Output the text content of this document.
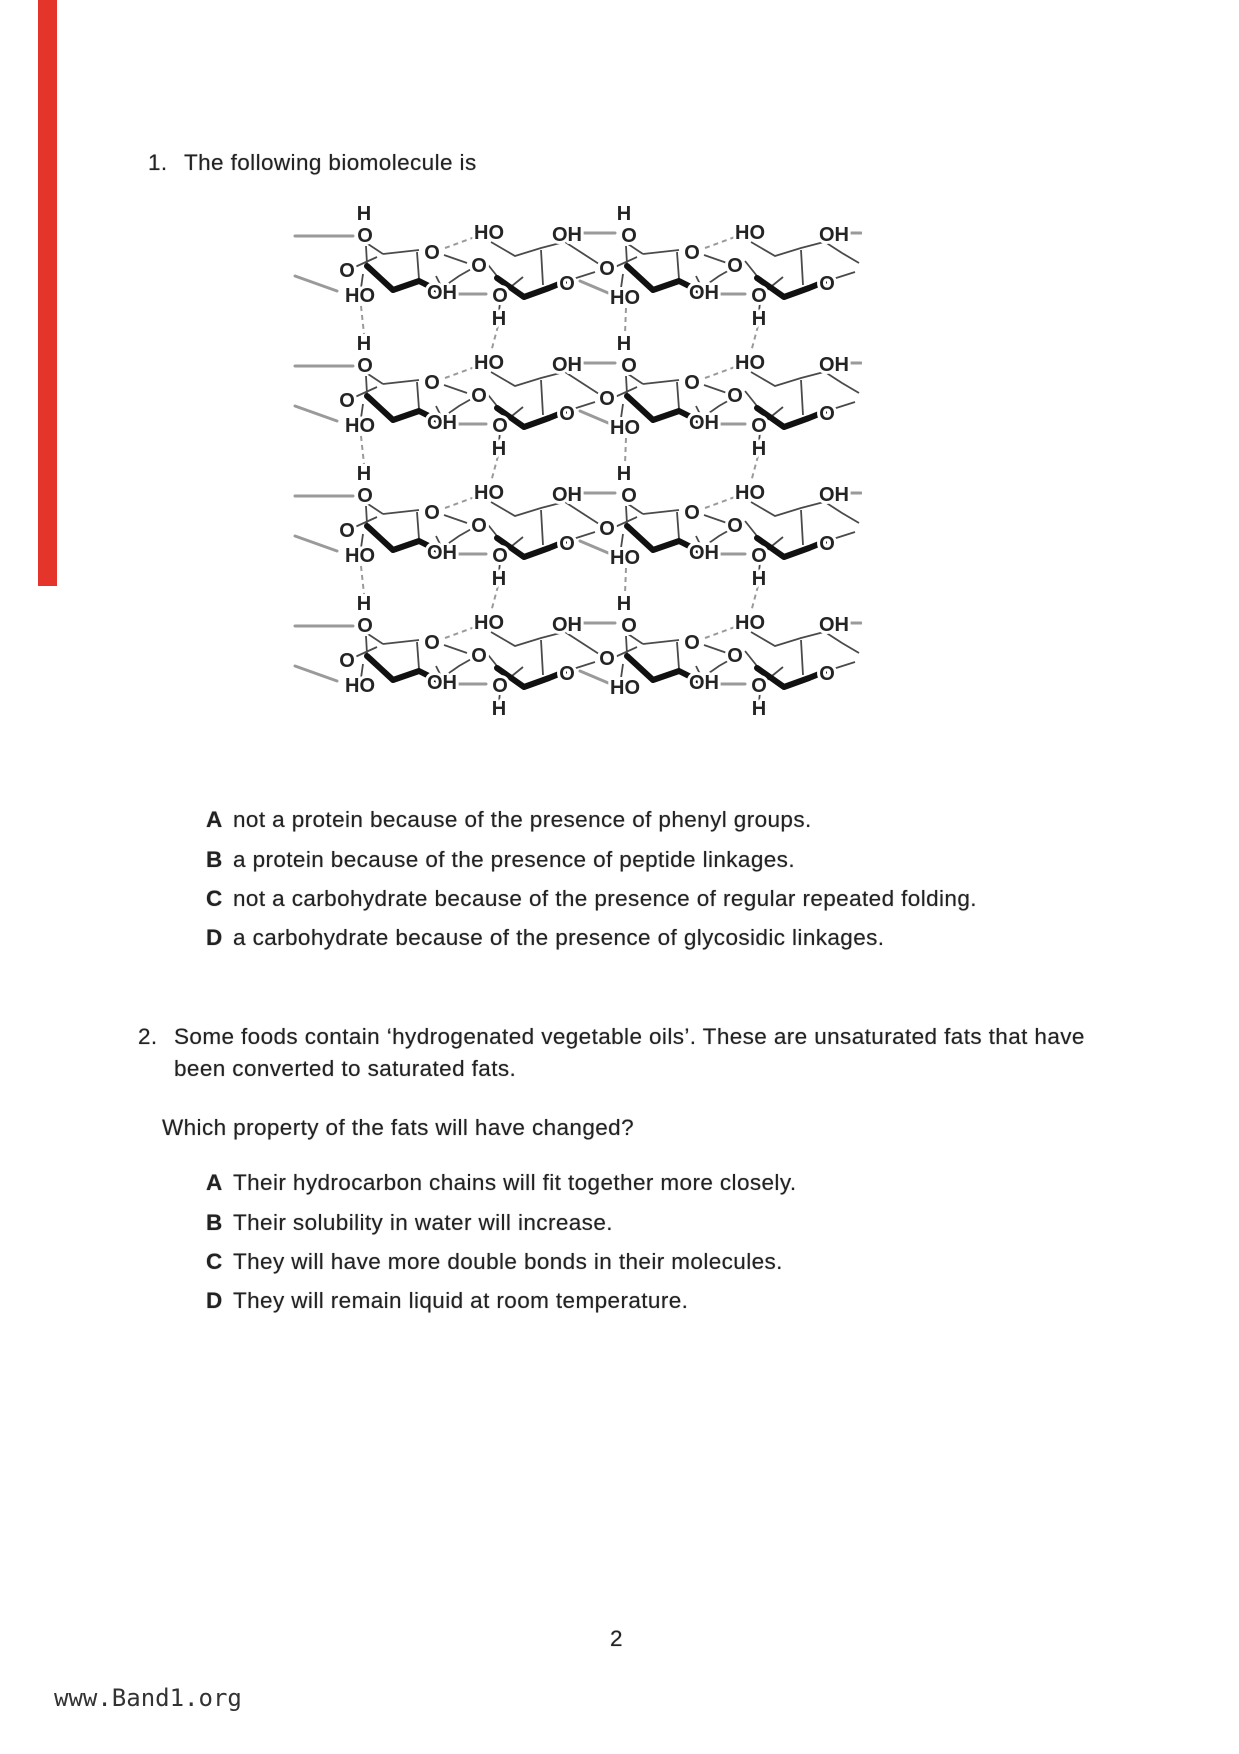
1. The following biomolecule is
H
O	HO OH
H
O	HO	OH
O
O
O
O
O
O
O
O
HO	OH O
H
HO OH O
H
H
O	HO OH
H
O	HO	OH
O
O
O
O
O
O
O
O
HO	OH O
H
HO OH O
H
H
O	HO OH
H
O	HO	OH
O
O
O
O
O
O
O
O
HO	OH O
H
HO OH O
H
H
O	HO OH
H
O	HO	OH
O
O
O
O
O
O
O
O
HO	OH O
H
HO OH O
H
A not a protein because of the presence of phenyl groups.
B a protein because of the presence of peptide linkages.
C not a carbohydrate because of the presence of regular repeated folding.
D a carbohydrate because of the presence of glycosidic linkages.
2. Some foods contain ‘hydrogenated vegetable oils’. These are unsaturated fats that have
been converted to saturated fats.
Which property of the fats will have changed?
A Their hydrocarbon chains will fit together more closely.
B Their solubility in water will increase.
C They will have more double bonds in their molecules.
D They will remain liquid at room temperature.
2
www.Band1.org
